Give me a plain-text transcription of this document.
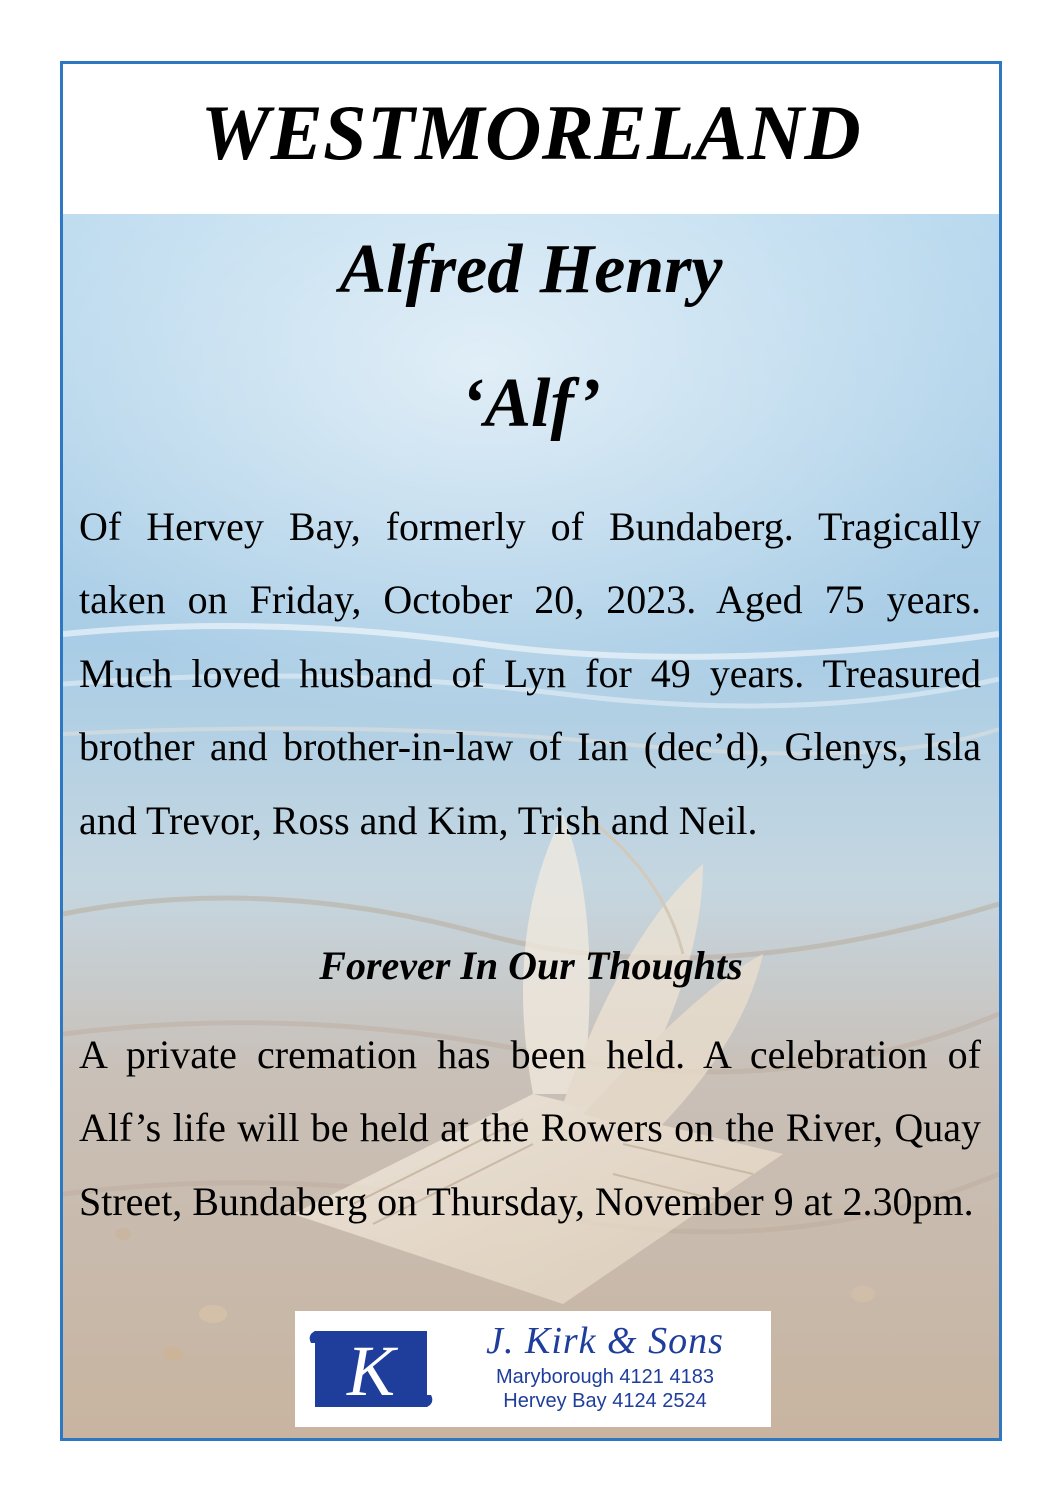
WESTMORELAND
Alfred Henry
‘Alf’
Of Hervey Bay, formerly of Bundaberg. Tragically taken on Friday, October 20, 2023. Aged 75 years. Much loved husband of Lyn for 49 years. Treasured brother and brother-in-law of Ian (dec’d), Glenys, Isla and Trevor, Ross and Kim, Trish and Neil.
Forever In Our Thoughts
A private cremation has been held. A celebration of Alf’s life will be held at the Rowers on the River, Quay Street, Bundaberg on Thursday, November 9 at 2.30pm.
K	J. Kirk & Sons
Maryborough 4121 4183
Hervey Bay 4124 2524
